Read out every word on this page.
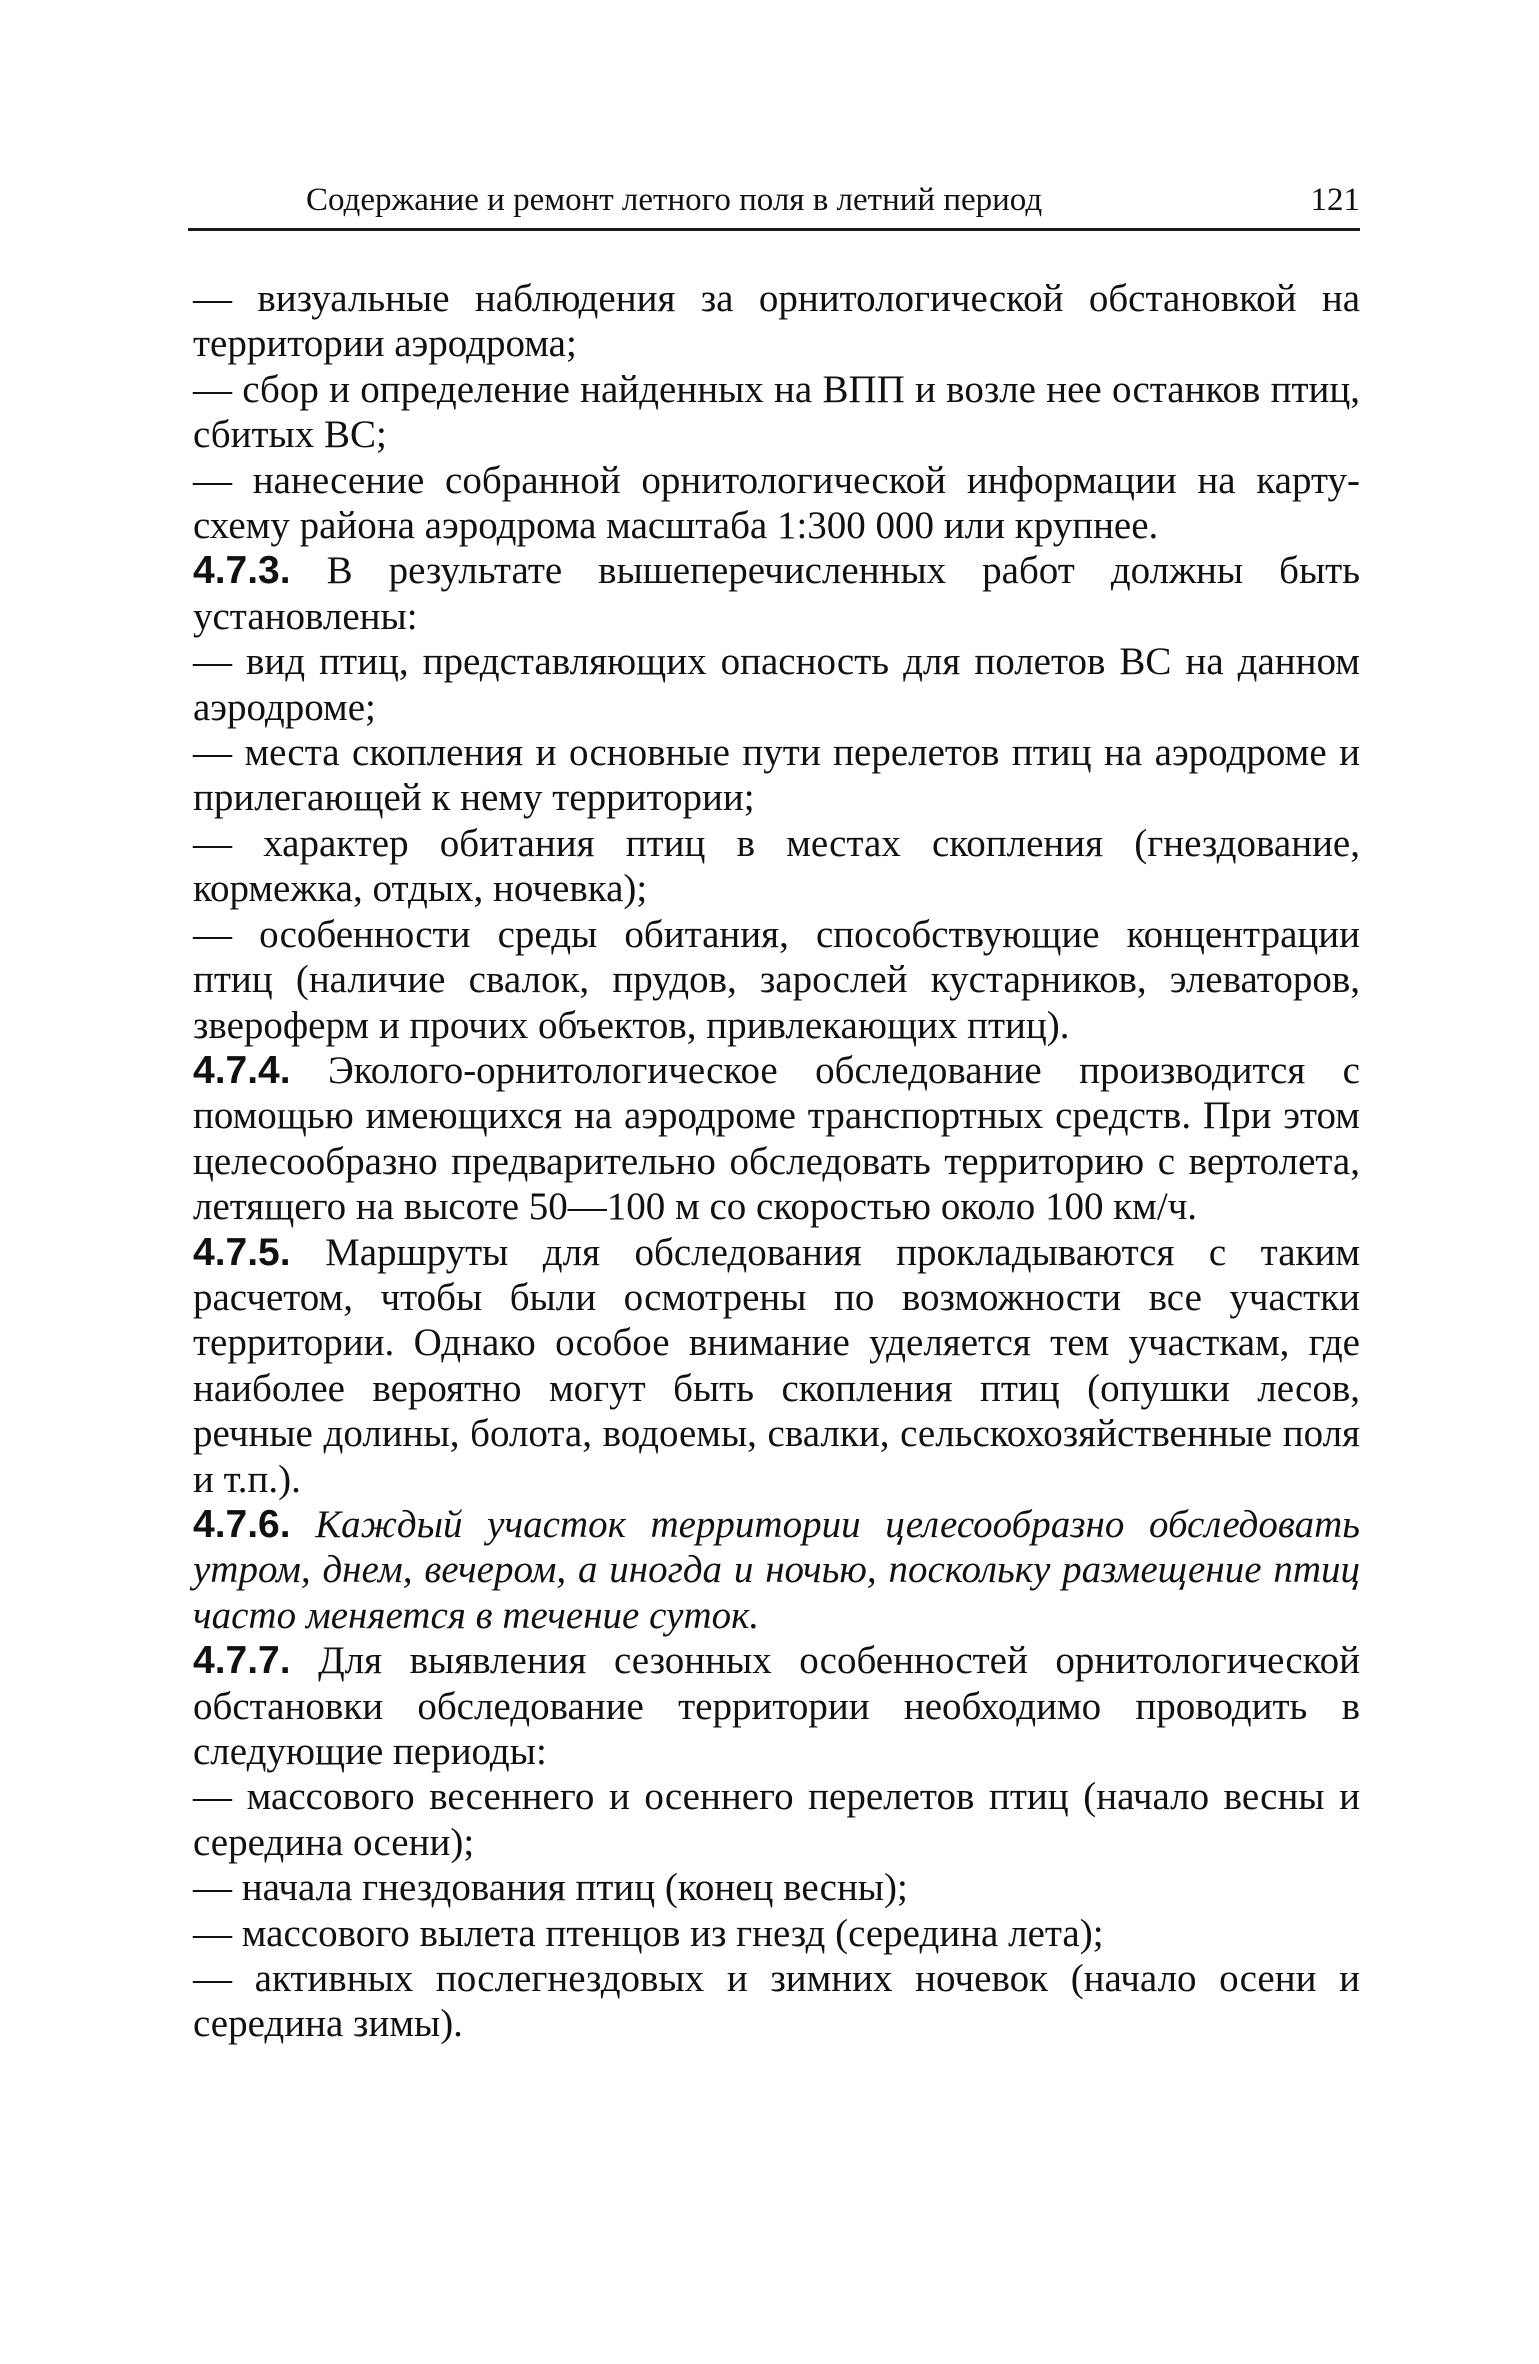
Содержание и ремонт летного поля в летний период	121

— визуальные наблюдения за орнитологической обстановкой на территории аэродрома;

— сбор и определение найденных на ВПП и возле нее останков птиц, сбитых ВС;

— нанесение собранной орнитологической информации на карту-схему района аэродрома масштаба 1:300 000 или крупнее.

4.7.3. В результате вышеперечисленных работ должны быть установлены:

— вид птиц, представляющих опасность для полетов ВС на данном аэродроме;

— места скопления и основные пути перелетов птиц на аэродроме и прилегающей к нему территории;

— характер обитания птиц в местах скопления (гнездование, кормежка, отдых, ночевка);

— особенности среды обитания, способствующие концентрации птиц (наличие свалок, прудов, зарослей кустарников, элеваторов, звероферм и прочих объектов, привлекающих птиц).

4.7.4. Эколого-орнитологическое обследование производится с помощью имеющихся на аэродроме транспортных средств. При этом целесообразно предварительно обследовать территорию с вертолета, летящего на высоте 50—100 м со скоростью около 100 км/ч.

4.7.5. Маршруты для обследования прокладываются с таким расчетом, чтобы были осмотрены по возможности все участки территории. Однако особое внимание уделяется тем участкам, где наиболее вероятно могут быть скопления птиц (опушки лесов, речные долины, болота, водоемы, свалки, сельскохозяйственные поля и т.п.).

4.7.6. Каждый участок территории целесообразно обследовать утром, днем, вечером, а иногда и ночью, поскольку размещение птиц часто меняется в течение суток.

4.7.7. Для выявления сезонных особенностей орнитологической обстановки обследование территории необходимо проводить в следующие периоды:

— массового весеннего и осеннего перелетов птиц (начало весны и середина осени);

— начала гнездования птиц (конец весны);

— массового вылета птенцов из гнезд (середина лета);

— активных послегнездовых и зимних ночевок (начало осени и середина зимы).
